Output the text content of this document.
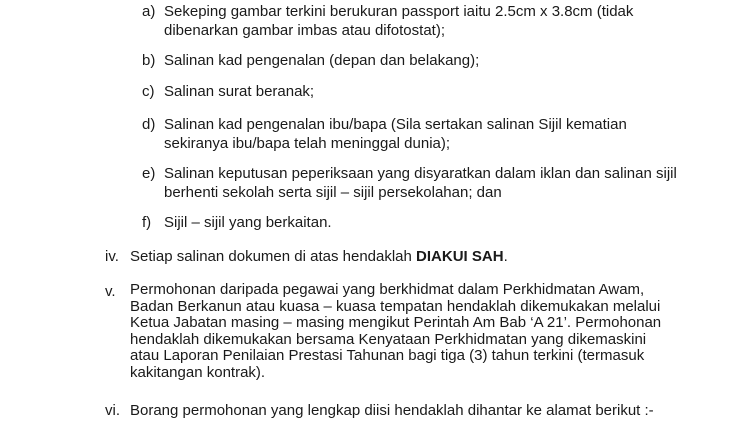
a) Sekeping gambar terkini berukuran passport iaitu 2.5cm x 3.8cm (tidak
dibenarkan gambar imbas atau difotostat);
b) Salinan kad pengenalan (depan dan belakang);
c) Salinan surat beranak;
d) Salinan kad pengenalan ibu/bapa (Sila sertakan salinan Sijil kematian
sekiranya ibu/bapa telah meninggal dunia);
e) Salinan keputusan peperiksaan yang disyaratkan dalam iklan dan salinan sijil
berhenti sekolah serta sijil – sijil persekolahan; dan
f) Sijil – sijil yang berkaitan.
iv. Setiap salinan dokumen di atas hendaklah DIAKUI SAH.
v. Permohonan daripada pegawai yang berkhidmat dalam Perkhidmatan Awam,
Badan Berkanun atau kuasa – kuasa tempatan hendaklah dikemukakan melalui
Ketua Jabatan masing – masing mengikut Perintah Am Bab ‘A 21’. Permohonan
hendaklah dikemukakan bersama Kenyataan Perkhidmatan yang dikemaskini
atau Laporan Penilaian Prestasi Tahunan bagi tiga (3) tahun terkini (termasuk
kakitangan kontrak).
vi. Borang permohonan yang lengkap diisi hendaklah dihantar ke alamat berikut :-
